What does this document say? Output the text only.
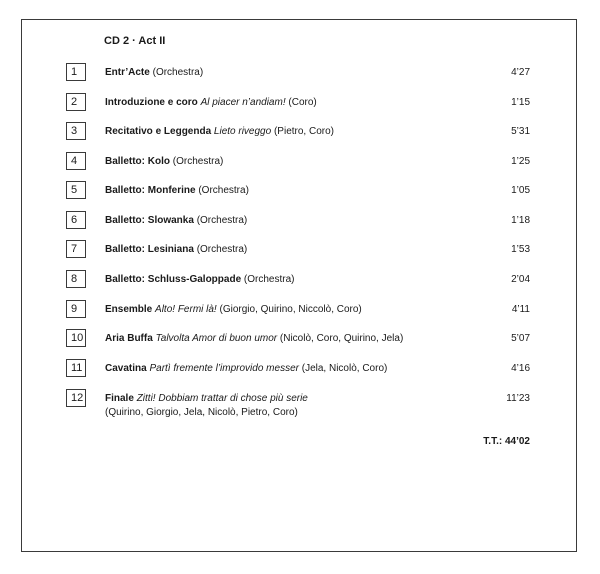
CD 2 · Act II
1	Entr’Acte (Orchestra)	4’27
2	Introduzione e coro Al piacer n’andiam! (Coro)	1’15
3	Recitativo e Leggenda Lieto riveggo (Pietro, Coro)	5’31
4	Balletto: Kolo (Orchestra)	1’25
5	Balletto: Monferine (Orchestra)	1’05
6	Balletto: Slowanka (Orchestra)	1’18
7	Balletto: Lesiniana (Orchestra)	1’53
8	Balletto: Schluss-Galoppade (Orchestra)	2’04
9	Ensemble Alto! Fermi là! (Giorgio, Quirino, Niccolò, Coro)	4’11
10 Aria Buffa Talvolta Amor di buon umor (Nicolò, Coro, Quirino, Jela)	5’07
11	Cavatina Partì fremente l’improvido messer (Jela, Nicolò, Coro)	4’16
12 Finale Zitti! Dobbiam trattar di chose più serie
(Quirino, Giorgio, Jela, Nicolò, Pietro, Coro)
11’23
T.T.: 44’02
